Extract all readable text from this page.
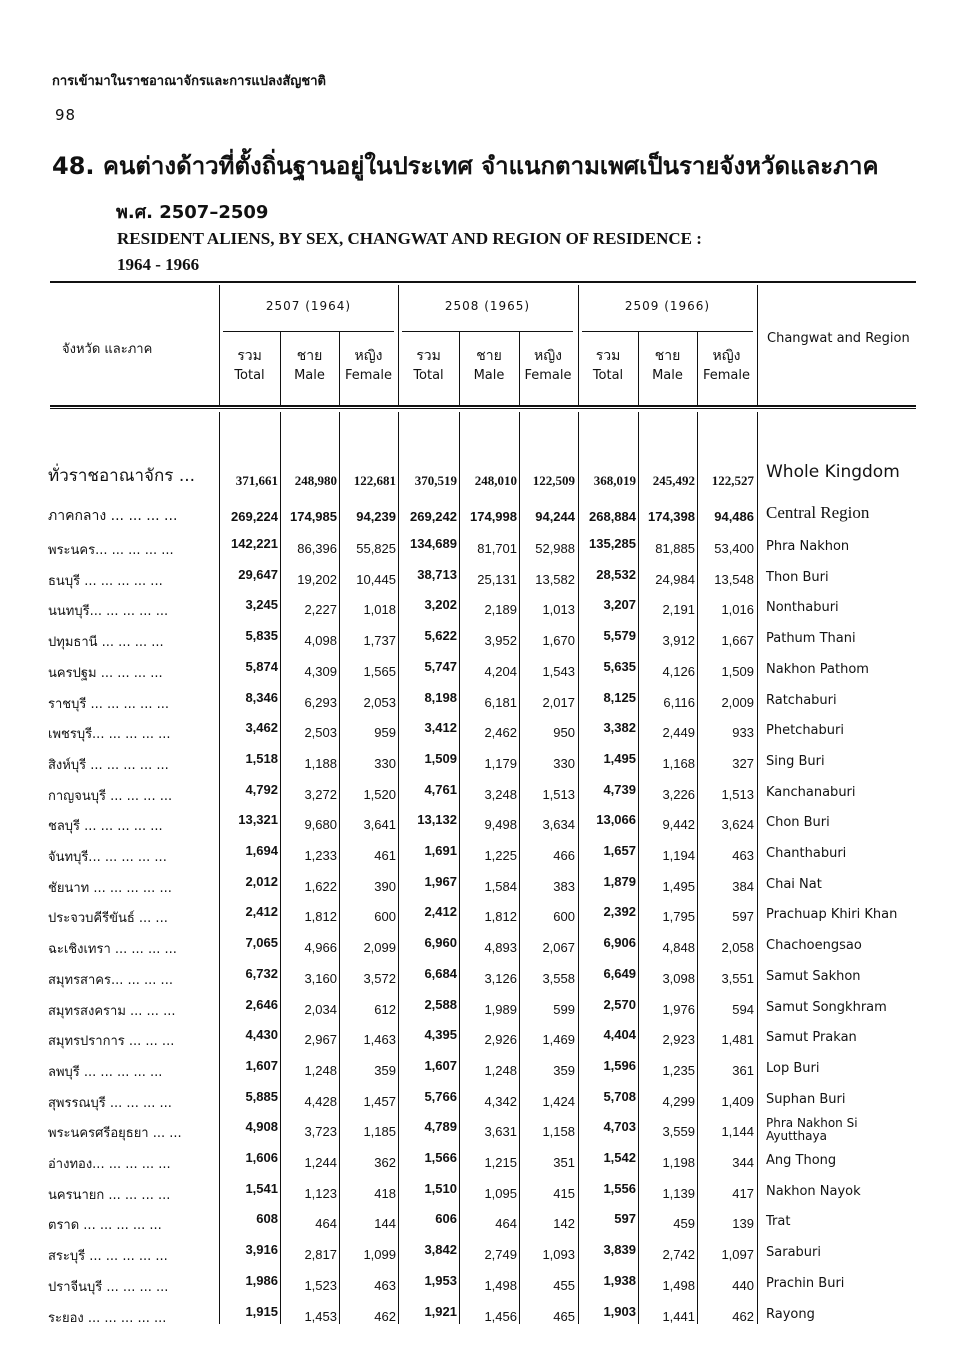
การเข้ามาในราชอาณาจักรและการแปลงสัญชาติ
98
48. คนต่างด้าวที่ตั้งถิ่นฐานอยู่ในประเทศ จำแนกตามเพศเป็นรายจังหวัดและภาค
พ.ศ. 2507–2509
RESIDENT ALIENS, BY SEX, CHANGWAT AND REGION OF RESIDENCE :
1964 - 1966
จังหวัด และภาค
Changwat and Region
2507 (1964)
รวม
Total
ชาย
Male
หญิง
Female
2508 (1965)
รวม
Total
ชาย
Male
หญิง
Female
2509 (1966)
รวม
Total
ชาย
Male
หญิง
Female
ทั่วราชอาณาจักร ...	371,661	248,980	122,681	370,519	248,010	122,509	368,019	245,492	122,527 Whole Kingdom
ภาคกลาง ... ... ... ...	269,224 174,985	94,239	269,242	174,998	94,244	268,884 174,398	94,486 Central Region
พระนคร... ... ... ... ...	142,221	86,396	55,825	134,689	81,701	52,988	135,285	81,885	53,400 Phra Nakhon
ธนบุรี ... ... ... ... ...	29,647	19,202	10,445	38,713	25,131	13,582	28,532	24,984	13,548 Thon Buri
นนทบุรี... ... ... ... ...	3,245	2,227	1,018	3,202	2,189	1,013	3,207	2,191	1,016 Nonthaburi
ปทุมธานี ... ... ... ...	5,835	4,098	1,737	5,622	3,952	1,670	5,579	3,912	1,667 Pathum Thani
นครปฐม ... ... ... ...	5,874	4,309	1,565	5,747	4,204	1,543	5,635	4,126	1,509 Nakhon Pathom
ราชบุรี ... ... ... ... ...	8,346	6,293	2,053	8,198	6,181	2,017	8,125	6,116	2,009 Ratchaburi
เพชรบุรี... ... ... ... ...	3,462	2,503	959	3,412	2,462	950	3,382	2,449	933 Phetchaburi
สิงห์บุรี ... ... ... ... ...	1,518	1,188	330	1,509	1,179	330	1,495	1,168	327 Sing Buri
กาญจนบุรี ... ... ... ...	4,792	3,272	1,520	4,761	3,248	1,513	4,739	3,226	1,513 Kanchanaburi
ชลบุรี ... ... ... ... ...	13,321	9,680	3,641	13,132	9,498	3,634	13,066	9,442	3,624 Chon Buri
จันทบุรี... ... ... ... ...	1,694	1,233	461	1,691	1,225	466	1,657	1,194	463 Chanthaburi
ชัยนาท ... ... ... ... ...	2,012	1,622	390	1,967	1,584	383	1,879	1,495	384 Chai Nat
ประจวบคีรีขันธ์ ... ...	2,412	1,812	600	2,412	1,812	600	2,392	1,795	597 Prachuap Khiri Khan
ฉะเชิงเทรา ... ... ... ...	7,065	4,966	2,099	6,960	4,893	2,067	6,906	4,848	2,058 Chachoengsao
สมุทรสาคร... ... ... ...	6,732	3,160	3,572	6,684	3,126	3,558	6,649	3,098	3,551 Samut Sakhon
สมุทรสงคราม ... ... ...	2,646	2,034	612	2,588	1,989	599	2,570	1,976	594 Samut Songkhram
สมุทรปราการ ... ... ...	4,430	2,967	1,463	4,395	2,926	1,469	4,404	2,923	1,481 Samut Prakan
ลพบุรี ... ... ... ... ...	1,607	1,248	359	1,607	1,248	359	1,596	1,235	361 Lop Buri
สุพรรณบุรี ... ... ... ...	5,885	4,428	1,457	5,766	4,342	1,424	5,708	4,299	1,409 Suphan Buri
พระนครศรีอยุธยา ... ...	4,908	3,723	1,185	4,789	3,631	1,158	4,703	3,559	1,144
Phra Nakhon Si Ayutthaya
อ่างทอง... ... ... ... ...	1,606	1,244	362	1,566	1,215	351	1,542	1,198	344 Ang Thong
นครนายก ... ... ... ...	1,541	1,123	418	1,510	1,095	415	1,556	1,139	417 Nakhon Nayok
ตราด ... ... ... ... ...	608	464	144	606	464	142	597	459	139 Trat
สระบุรี ... ... ... ... ...	3,916	2,817	1,099	3,842	2,749	1,093	3,839	2,742	1,097 Saraburi
ปราจีนบุรี ... ... ... ...	1,986	1,523	463	1,953	1,498	455	1,938	1,498	440 Prachin Buri
ระยอง ... ... ... ... ...	1,915	1,453	462	1,921	1,456	465	1,903	1,441	462 Rayong
